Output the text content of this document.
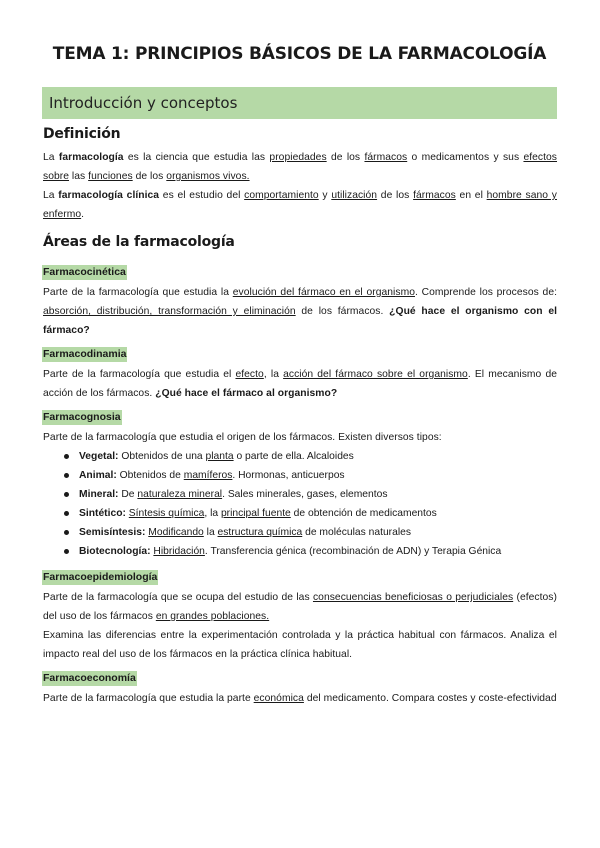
TEMA 1: PRINCIPIOS BÁSICOS DE LA FARMACOLOGÍA
Introducción y conceptos
Definición
La farmacología es la ciencia que estudia las propiedades de los fármacos o medicamentos y sus efectos sobre las funciones de los organismos vivos.
La farmacología clínica es el estudio del comportamiento y utilización de los fármacos en el hombre sano y enfermo.
Áreas de la farmacología
Farmacocinética
Parte de la farmacología que estudia la evolución del fármaco en el organismo. Comprende los procesos de: absorción, distribución, transformación y eliminación de los fármacos. ¿Qué hace el organismo con el fármaco?
Farmacodinamia
Parte de la farmacología que estudia el efecto, la acción del fármaco sobre el organismo. El mecanismo de acción de los fármacos. ¿Qué hace el fármaco al organismo?
Farmacognosia
Parte de la farmacología que estudia el origen de los fármacos. Existen diversos tipos:
Vegetal: Obtenidos de una planta o parte de ella. Alcaloides
Animal: Obtenidos de mamíferos. Hormonas, anticuerpos
Mineral: De naturaleza mineral. Sales minerales, gases, elementos
Sintético: Síntesis química, la principal fuente de obtención de medicamentos
Semisíntesis: Modificando la estructura química de moléculas naturales
Biotecnología: Hibridación. Transferencia génica (recombinación de ADN) y Terapia Génica
Farmacoepidemiología
Parte de la farmacología que se ocupa del estudio de las consecuencias beneficiosas o perjudiciales (efectos) del uso de los fármacos en grandes poblaciones.
Examina las diferencias entre la experimentación controlada y la práctica habitual con fármacos. Analiza el impacto real del uso de los fármacos en la práctica clínica habitual.
Farmacoeconomía
Parte de la farmacología que estudia la parte económica del medicamento. Compara costes y coste-efectividad
